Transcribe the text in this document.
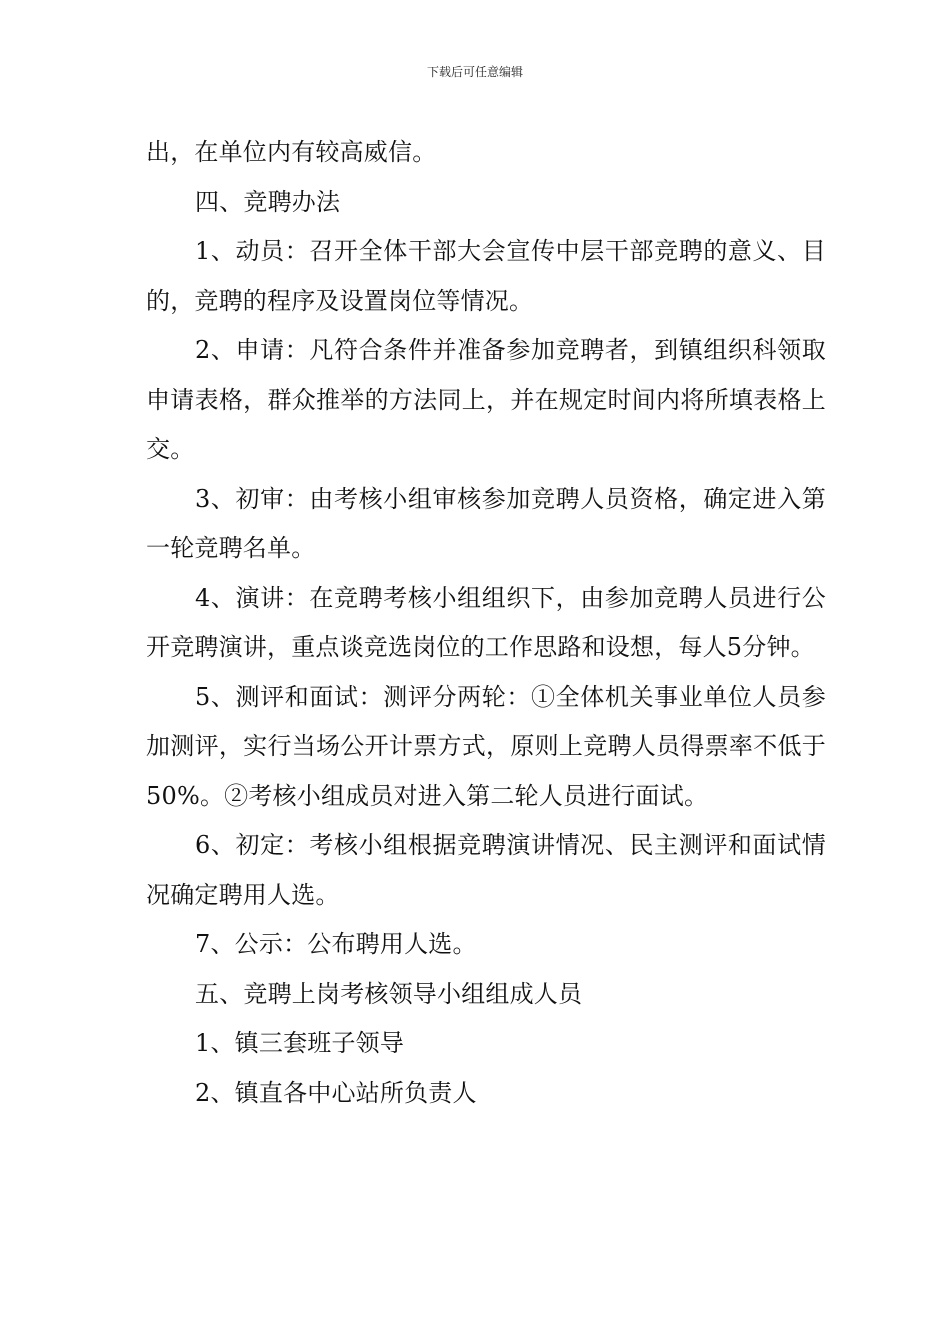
下载后可任意编辑

出，在单位内有较高威信。

四、竞聘办法

1、动员：召开全体干部大会宣传中层干部竞聘的意义、目的，竞聘的程序及设置岗位等情况。

2、申请：凡符合条件并准备参加竞聘者，到镇组织科领取申请表格，群众推举的方法同上，并在规定时间内将所填表格上交。

3、初审：由考核小组审核参加竞聘人员资格，确定进入第一轮竞聘名单。

4、演讲：在竞聘考核小组组织下，由参加竞聘人员进行公开竞聘演讲，重点谈竞选岗位的工作思路和设想，每人5分钟。

5、测评和面试：测评分两轮：①全体机关事业单位人员参加测评，实行当场公开计票方式，原则上竞聘人员得票率不低于50%。②考核小组成员对进入第二轮人员进行面试。

6、初定：考核小组根据竞聘演讲情况、民主测评和面试情况确定聘用人选。

7、公示：公布聘用人选。

五、竞聘上岗考核领导小组组成人员

1、镇三套班子领导

2、镇直各中心站所负责人
